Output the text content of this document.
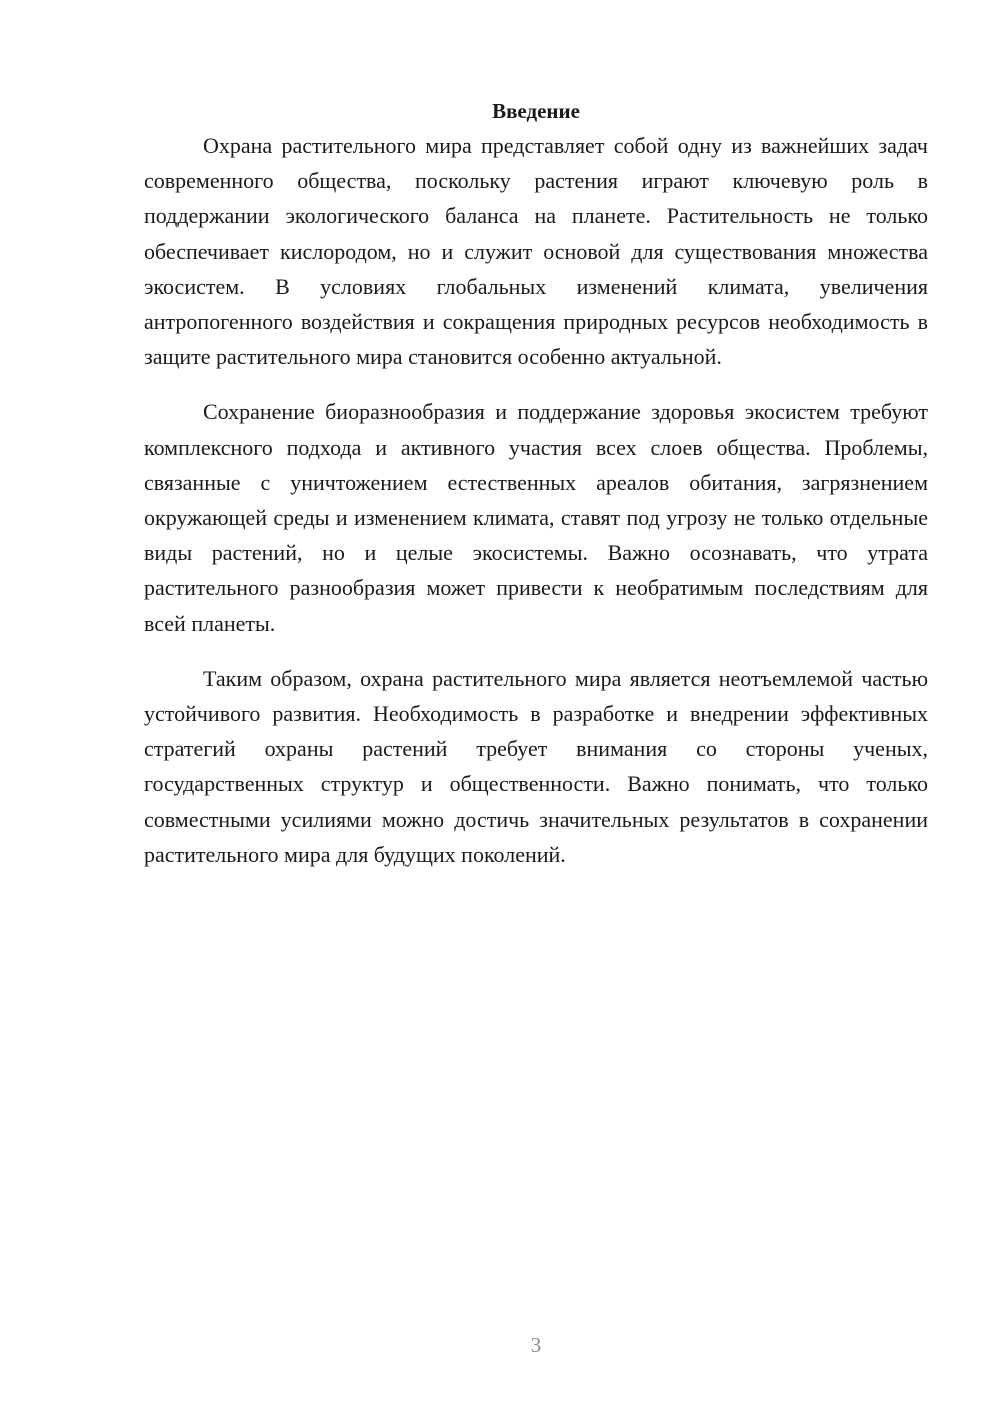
Введение

Охрана растительного мира представляет собой одну из важнейших задач современного общества, поскольку растения играют ключевую роль в поддержании экологического баланса на планете. Растительность не только обеспечивает кислородом, но и служит основой для существования множества экосистем. В условиях глобальных изменений климата, увеличения антропогенного воздействия и сокращения природных ресурсов необходимость в защите растительного мира становится особенно актуальной.

Сохранение биоразнообразия и поддержание здоровья экосистем требуют комплексного подхода и активного участия всех слоев общества. Проблемы, связанные с уничтожением естественных ареалов обитания, загрязнением окружающей среды и изменением климата, ставят под угрозу не только отдельные виды растений, но и целые экосистемы. Важно осознавать, что утрата растительного разнообразия может привести к необратимым последствиям для всей планеты.

Таким образом, охрана растительного мира является неотъемлемой частью устойчивого развития. Необходимость в разработке и внедрении эффективных стратегий охраны растений требует внимания со стороны ученых, государственных структур и общественности. Важно понимать, что только совместными усилиями можно достичь значительных результатов в сохранении растительного мира для будущих поколений.

3
